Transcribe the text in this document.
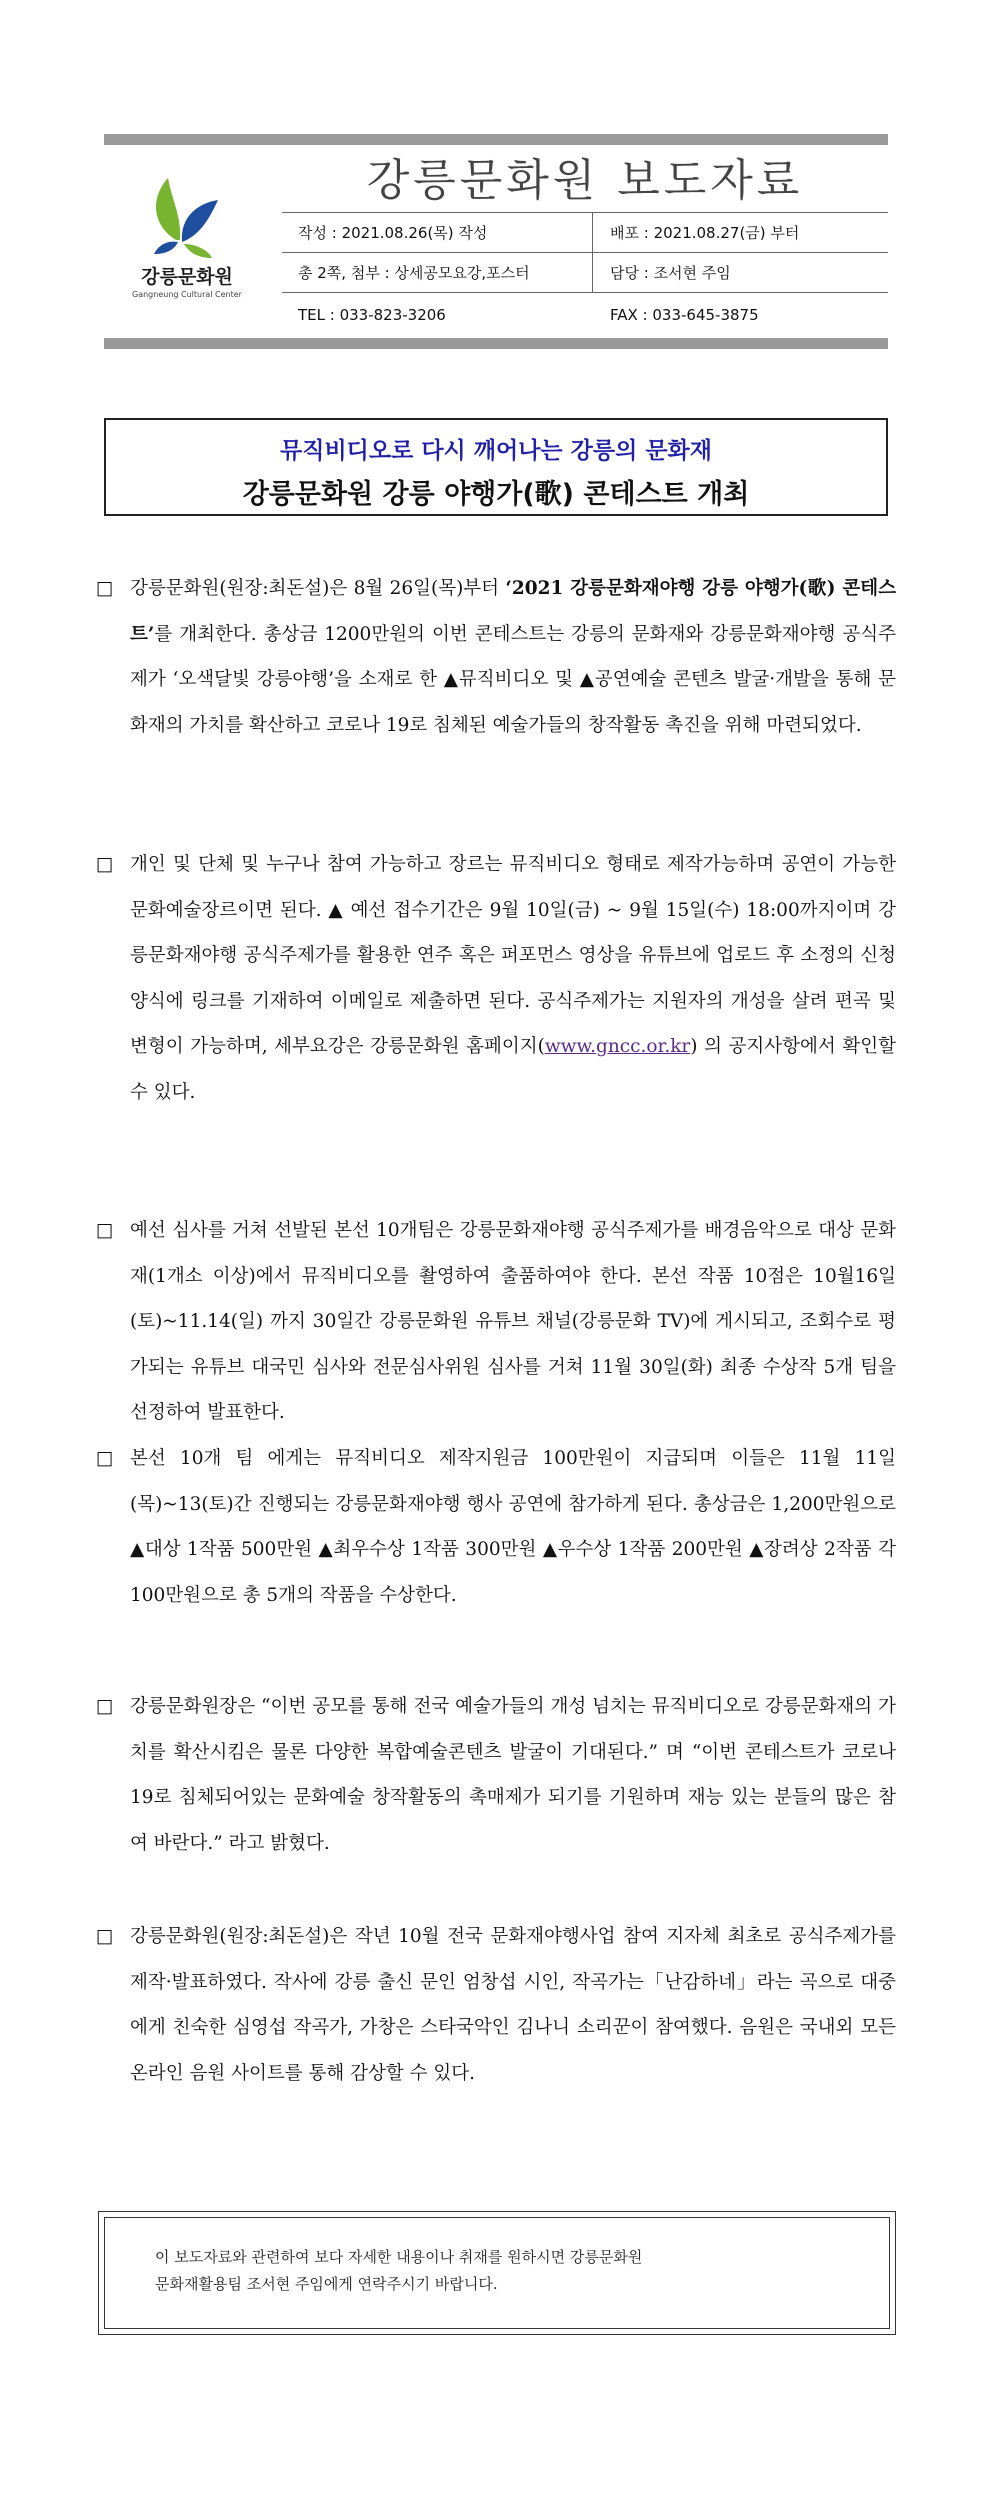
강릉문화원
Gangneung Cultural Center
강릉문화원 보도자료
작성 : 2021.08.26(목) 작성	배포 : 2021.08.27(금) 부터
총 2쪽, 첨부 : 상세공모요강,포스터	담당 : 조서현 주임
TEL : 033-823-3206	FAX : 033-645-3875
뮤직비디오로 다시 깨어나는 강릉의 문화재
강릉문화원 강릉 야행가(歌) 콘테스트 개최
□ 강릉문화원(원장:최돈설)은 8월 26일(목)부터 ‘2021 강릉문화재야행 강릉 야행가(歌) 콘테스트’를 개최한다. 총상금 1200만원의 이번 콘테스트는 강릉의 문화재와 강릉문화재야행 공식주제가 ‘오색달빛 강릉야행’을 소재로 한 ▲뮤직비디오 및 ▲공연예술 콘텐츠 발굴·개발을 통해 문화재의 가치를 확산하고 코로나 19로 침체된 예술가들의 창작활동 촉진을 위해 마련되었다.
□ 개인 및 단체 및 누구나 참여 가능하고 장르는 뮤직비디오 형태로 제작가능하며 공연이 가능한 문화예술장르이면 된다. ▲ 예선 접수기간은 9월 10일(금) ~ 9월 15일(수) 18:00까지이며 강릉문화재야행 공식주제가를 활용한 연주 혹은 퍼포먼스 영상을 유튜브에 업로드 후 소정의 신청양식에 링크를 기재하여 이메일로 제출하면 된다. 공식주제가는 지원자의 개성을 살려 편곡 및 변형이 가능하며, 세부요강은 강릉문화원 홈페이지(www.gncc.or.kr) 의 공지사항에서 확인할 수 있다.
□ 예선 심사를 거쳐 선발된 본선 10개팀은 강릉문화재야행 공식주제가를 배경음악으로 대상 문화재(1개소 이상)에서 뮤직비디오를 촬영하여 출품하여야 한다. 본선 작품 10점은 10월16일(토)~11.14(일) 까지 30일간 강릉문화원 유튜브 채널(강릉문화 TV)에 게시되고, 조회수로 평가되는 유튜브 대국민 심사와 전문심사위원 심사를 거쳐 11월 30일(화) 최종 수상작 5개 팀을 선정하여 발표한다.
□ 본선 10개 팀 에게는 뮤직비디오 제작지원금 100만원이 지급되며 이들은 11월 11일(목)~13(토)간 진행되는 강릉문화재야행 행사 공연에 참가하게 된다. 총상금은 1,200만원으로 ▲대상 1작품 500만원 ▲최우수상 1작품 300만원 ▲우수상 1작품 200만원 ▲장려상 2작품 각 100만원으로 총 5개의 작품을 수상한다.
□ 강릉문화원장은 “이번 공모를 통해 전국 예술가들의 개성 넘치는 뮤직비디오로 강릉문화재의 가치를 확산시킴은 물론 다양한 복합예술콘텐츠 발굴이 기대된다.” 며 “이번 콘테스트가 코로나 19로 침체되어있는 문화예술 창작활동의 촉매제가 되기를 기원하며 재능 있는 분들의 많은 참여 바란다.” 라고 밝혔다.
□ 강릉문화원(원장:최돈설)은 작년 10월 전국 문화재야행사업 참여 지자체 최초로 공식주제가를 제작·발표하였다. 작사에 강릉 출신 문인 엄창섭 시인, 작곡가는「난감하네」라는 곡으로 대중에게 친숙한 심영섭 작곡가, 가창은 스타국악인 김나니 소리꾼이 참여했다. 음원은 국내외 모든 온라인 음원 사이트를 통해 감상할 수 있다.
이 보도자료와 관련하여 보다 자세한 내용이나 취재를 원하시면 강릉문화원
문화재활용팀 조서현 주임에게 연락주시기 바랍니다.
